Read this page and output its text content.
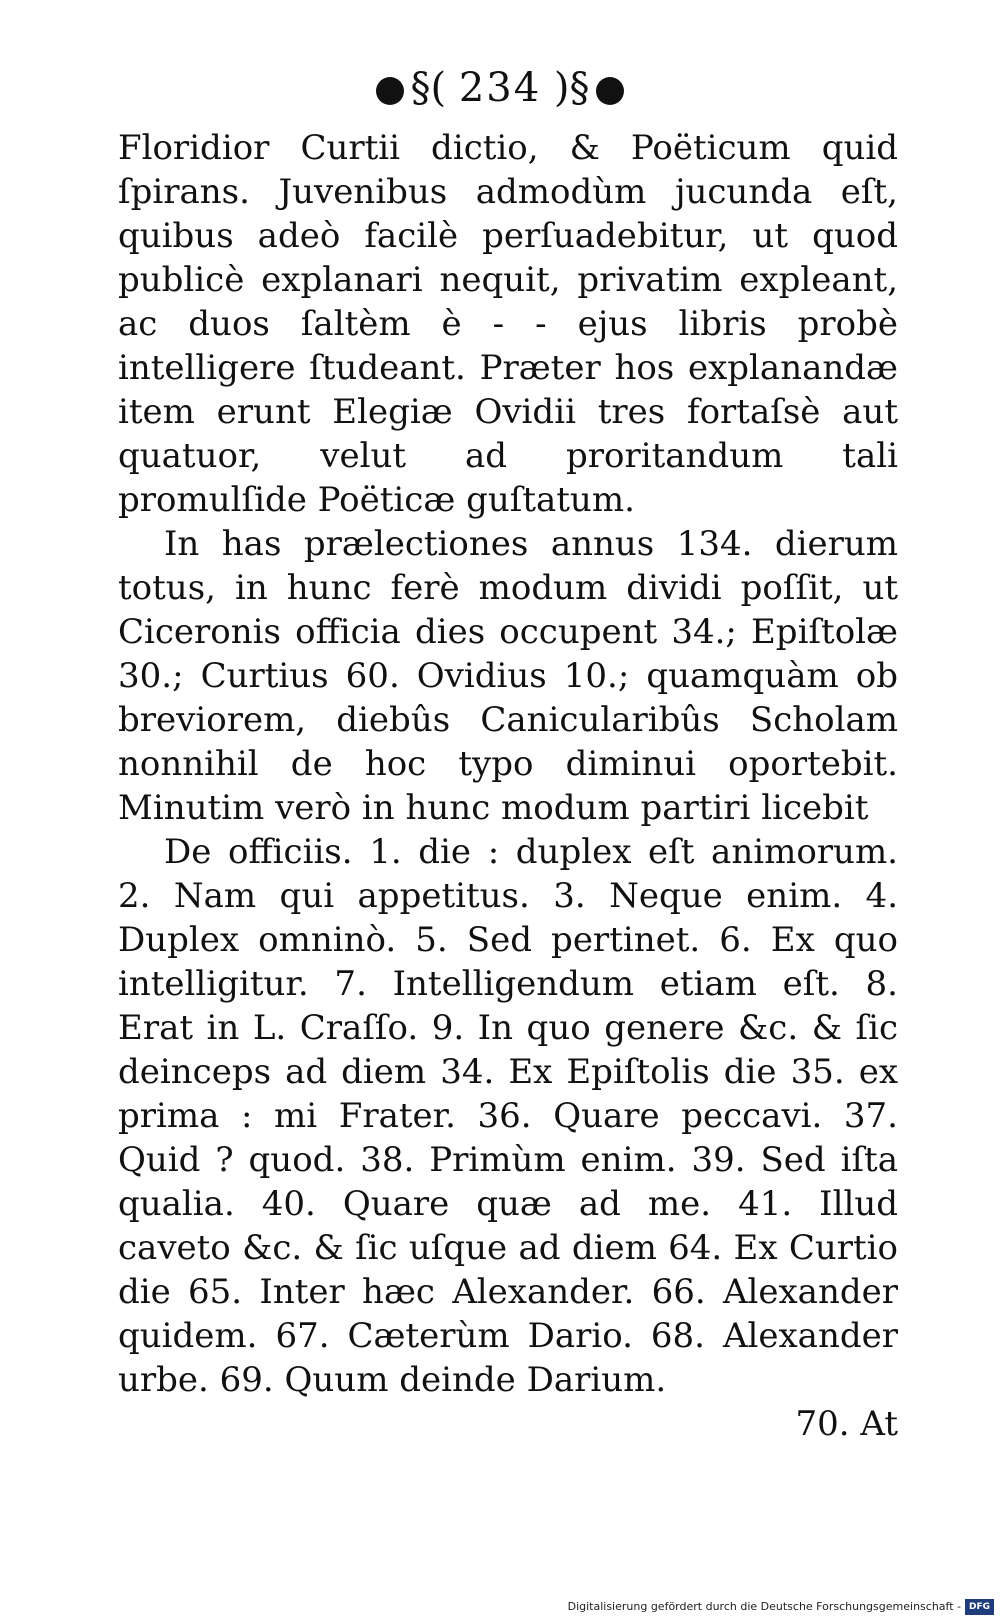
§( 234 )§

Floridior Curtii dictio, & Poëticum quid ſpirans. Juvenibus admodùm jucunda eſt, quibus adeò facilè perſuadebitur, ut quod publicè explanari nequit, privatim expleant, ac duos ſaltèm è - - ejus libris probè intelligere ſtudeant. Præter hos explanandæ item erunt Elegiæ Ovidii tres fortaſsè aut quatuor, velut ad proritandum tali promulſide Poëticæ guſtatum.

In has prælectiones annus 134. dierum totus, in hunc ferè modum dividi poſſit, ut Ciceronis officia dies occupent 34.; Epiſtolæ 30.; Curtius 60. Ovidius 10.; quamquàm ob breviorem, diebûs Canicularibûs Scholam nonnihil de hoc typo diminui oportebit. Minutim verò in hunc modum partiri licebit

De officiis. 1. die : duplex eſt animorum. 2. Nam qui appetitus. 3. Neque enim. 4. Duplex omninò. 5. Sed pertinet. 6. Ex quo intelligitur. 7. Intelligendum etiam eſt. 8. Erat in L. Craſſo. 9. In quo genere &c. & ſic deinceps ad diem 34. Ex Epiſtolis die 35. ex prima : mi Frater. 36. Quare peccavi. 37. Quid ? quod. 38. Primùm enim. 39. Sed iſta qualia. 40. Quare quæ ad me. 41. Illud caveto &c. & ſic uſque ad diem 64. Ex Curtio die 65. Inter hæc Alexander. 66. Alexander quidem. 67. Cæterùm Dario. 68. Alexander urbe. 69. Quum deinde Darium.

70. At

Digitalisierung gefördert durch die Deutsche Forschungsgemeinschaft - DFG
